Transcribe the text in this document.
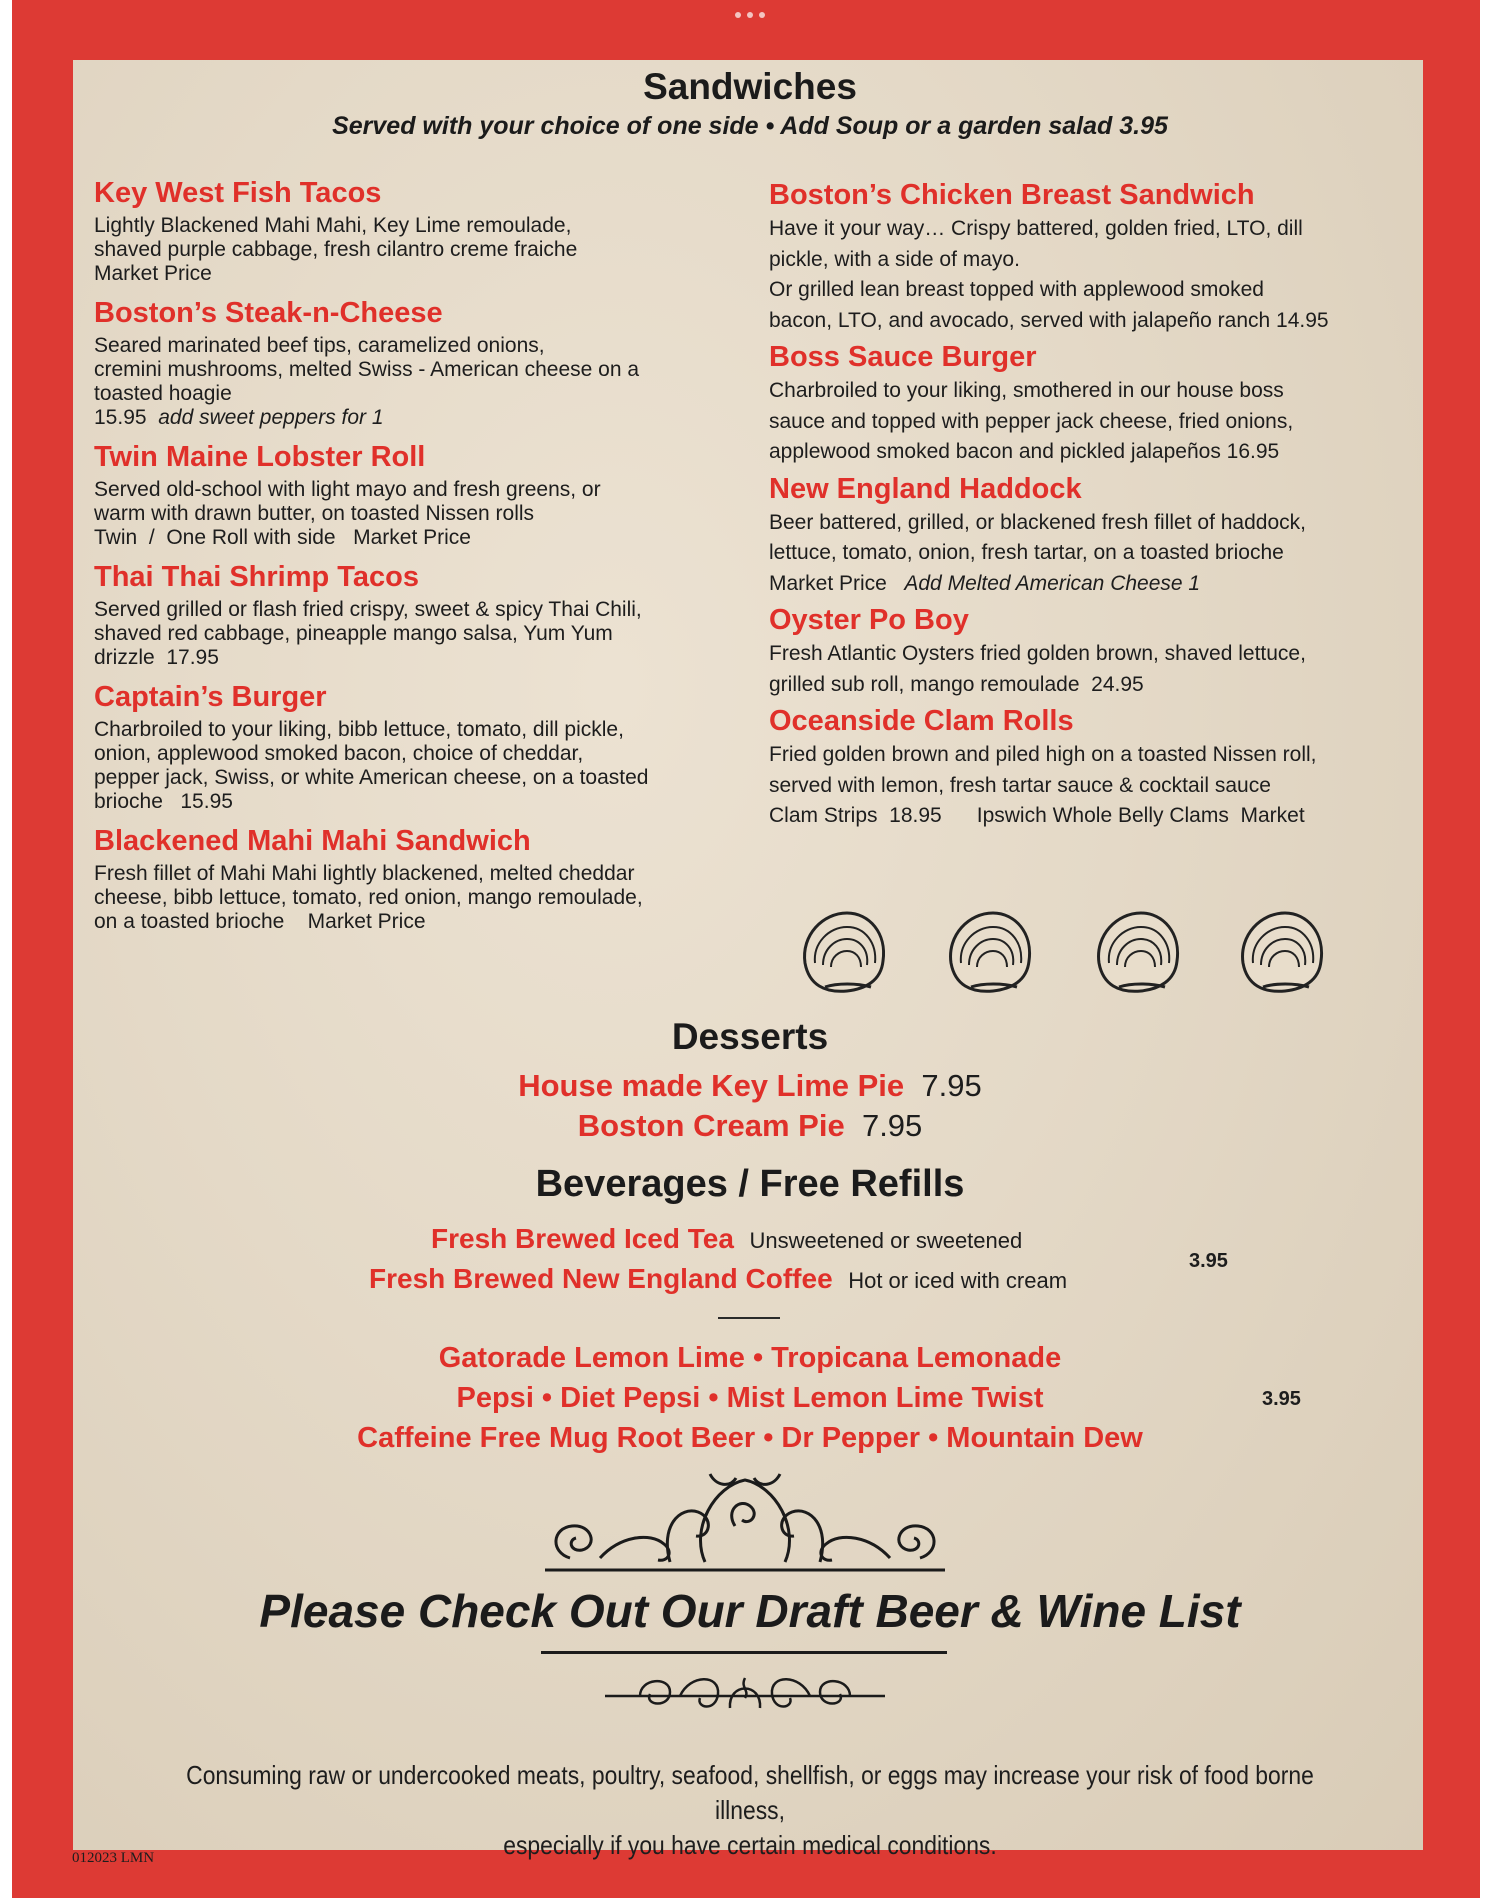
Sandwiches
Served with your choice of one side • Add Soup or a garden salad 3.95
Key West Fish Tacos
Lightly Blackened Mahi Mahi, Key Lime remoulade,
shaved purple cabbage, fresh cilantro creme fraiche
Market Price
Boston’s Steak-n-Cheese
Seared marinated beef tips, caramelized onions,
cremini mushrooms, melted Swiss - American cheese on a
toasted hoagie
15.95 add sweet peppers for 1
Twin Maine Lobster Roll
Served old-school with light mayo and fresh greens, or
warm with drawn butter, on toasted Nissen rolls
Twin  /  One Roll with side   Market Price
Thai Thai Shrimp Tacos
Served grilled or flash fried crispy, sweet & spicy Thai Chili,
shaved red cabbage, pineapple mango salsa, Yum Yum
drizzle  17.95
Captain’s Burger
Charbroiled to your liking, bibb lettuce, tomato, dill pickle,
onion, applewood smoked bacon, choice of cheddar,
pepper jack, Swiss, or white American cheese, on a toasted
brioche   15.95
Blackened Mahi Mahi Sandwich
Fresh fillet of Mahi Mahi lightly blackened, melted cheddar
cheese, bibb lettuce, tomato, red onion, mango remoulade,
on a toasted brioche    Market Price
Boston’s Chicken Breast Sandwich
Have it your way… Crispy battered, golden fried, LTO, dill
pickle, with a side of mayo.
Or grilled lean breast topped with applewood smoked
bacon, LTO, and avocado, served with jalapeño ranch 14.95
Boss Sauce Burger
Charbroiled to your liking, smothered in our house boss
sauce and topped with pepper jack cheese, fried onions,
applewood smoked bacon and pickled jalapeños 16.95
New England Haddock
Beer battered, grilled, or blackened fresh fillet of haddock,
lettuce, tomato, onion, fresh tartar, on a toasted brioche
Market Price Add Melted American Cheese 1
Oyster Po Boy
Fresh Atlantic Oysters fried golden brown, shaved lettuce,
grilled sub roll, mango remoulade  24.95
Oceanside Clam Rolls
Fried golden brown and piled high on a toasted Nissen roll,
served with lemon, fresh tartar sauce & cocktail sauce
Clam Strips  18.95      Ipswich Whole Belly Clams  Market
Desserts
House made Key Lime Pie 7.95
Boston Cream Pie 7.95
Beverages / Free Refills
Fresh Brewed Iced Tea Unsweetened or sweetened
Fresh Brewed New England Coffee Hot or iced with cream
3.95
Gatorade Lemon Lime • Tropicana Lemonade
Pepsi • Diet Pepsi • Mist Lemon Lime Twist
Caffeine Free Mug Root Beer • Dr Pepper • Mountain Dew
3.95
Please Check Out Our Draft Beer & Wine List
Consuming raw or undercooked meats, poultry, seafood, shellfish, or eggs may increase your risk of food borne illness,
especially if you have certain medical conditions.
012023 LMN
